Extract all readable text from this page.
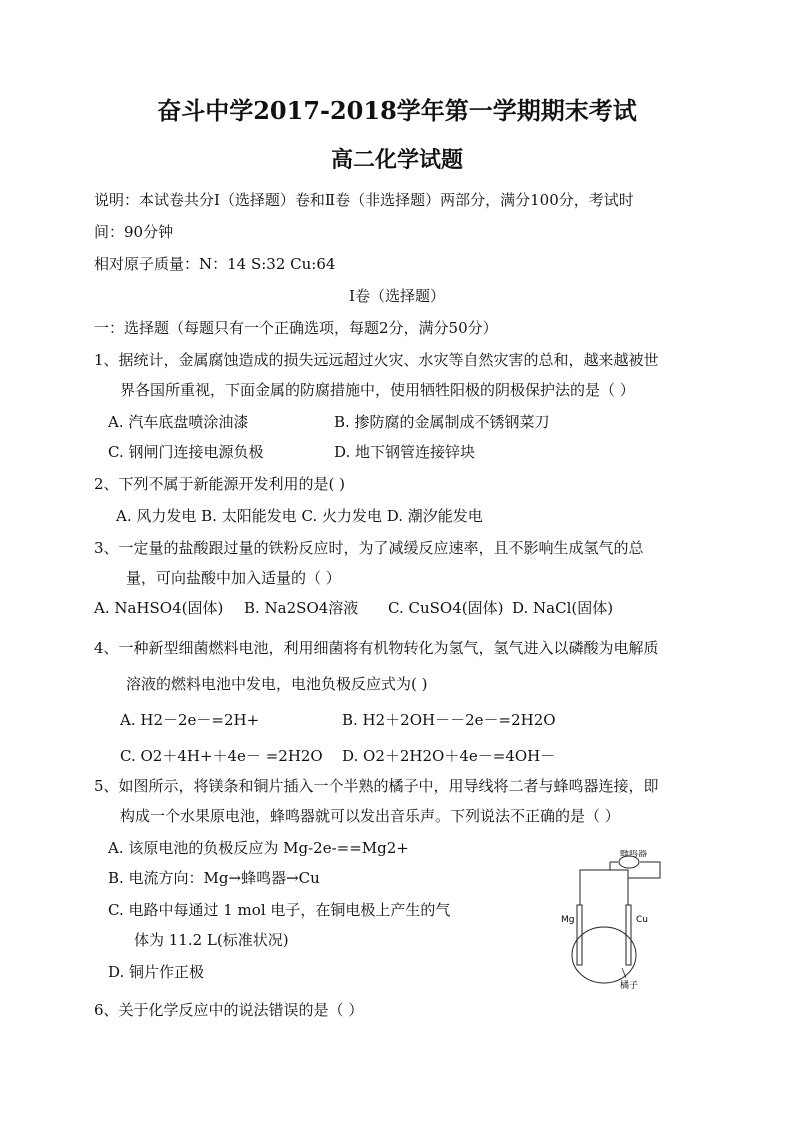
奋斗中学2017-2018学年第一学期期末考试
高二化学试题
说明：本试卷共分Ⅰ（选择题）卷和Ⅱ卷（非选择题）两部分，满分100分，考试时
间：90分钟
相对原子质量：N：14 S:32 Cu:64
Ⅰ卷（选择题）
一：选择题（每题只有一个正确选项，每题2分，满分50分）
1、据统计，金属腐蚀造成的损失远远超过火灾、水灾等自然灾害的总和，越来越被世
界各国所重视，下面金属的防腐措施中，使用牺牲阳极的阴极保护法的是（ ）
A. 汽车底盘喷涂油漆	B. 掺防腐的金属制成不锈钢菜刀
C. 钢闸门连接电源负极	D. 地下钢管连接锌块
2、下列不属于新能源开发利用的是( )
A. 风力发电 B. 太阳能发电 C. 火力发电 D. 潮汐能发电
3、一定量的盐酸跟过量的铁粉反应时，为了减缓反应速率，且不影响生成氢气的总
量，可向盐酸中加入适量的（ ）
A. NaHSO4(固体) B. Na2SO4溶液 C. CuSO4(固体) D. NaCl(固体)
4、一种新型细菌燃料电池，利用细菌将有机物转化为氢气，氢气进入以磷酸为电解质
溶液的燃料电池中发电，电池负极反应式为( )
A. H2－2e－=2H+	B. H2＋2OH－－2e－=2H2O
C. O2＋4H+＋4e－ =2H2O D. O2＋2H2O＋4e－=4OH－
5、如图所示，将镁条和铜片插入一个半熟的橘子中，用导线将二者与蜂鸣器连接，即
构成一个水果原电池，蜂鸣器就可以发出音乐声。下列说法不正确的是（ ）
A. 该原电池的负极反应为 Mg-2e-==Mg2+
B. 电流方向：Mg→蜂鸣器→Cu
C. 电路中每通过 1 mol 电子，在铜电极上产生的气
体为 11.2 L(标准状况)
D. 铜片作正极
蜂鸣器
Mg	Cu
橘子
6、关于化学反应中的说法错误的是（ ）
